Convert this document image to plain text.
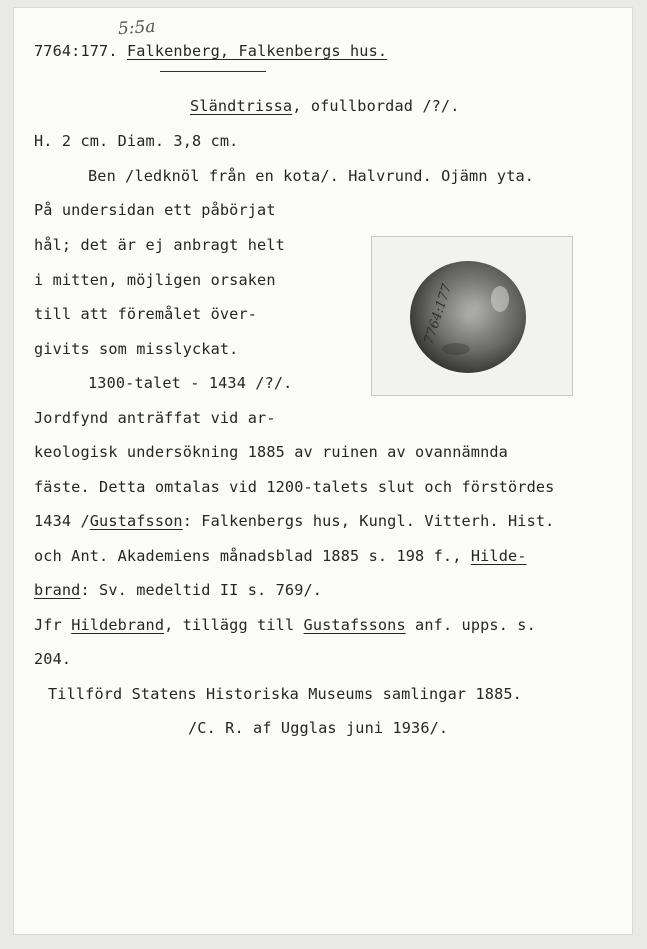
5:5a
7764:177. Falkenberg, Falkenbergs hus.
Sländtrissa, ofullbordad /?/.
H. 2 cm. Diam. 3,8 cm.
Ben /ledknöl från en kota/. Halvrund. Ojämn yta.
På undersidan ett påbörjat
hål; det är ej anbragt helt
i mitten, möjligen orsaken
till att föremålet över-
givits som misslyckat.
1300-talet - 1434 /?/.
Jordfynd anträffat vid ar-
keologisk undersökning 1885 av ruinen av ovannämnda
fäste. Detta omtalas vid 1200-talets slut och förstördes
1434 /Gustafsson: Falkenbergs hus, Kungl. Vitterh. Hist.
och Ant. Akademiens månadsblad 1885 s. 198 f., Hilde-
brand: Sv. medeltid II s. 769/.
Jfr Hildebrand, tillägg till Gustafssons anf. upps. s.
204.
Tillförd Statens Historiska Museums samlingar 1885.
/C. R. af Ugglas juni 1936/.
7764:177
